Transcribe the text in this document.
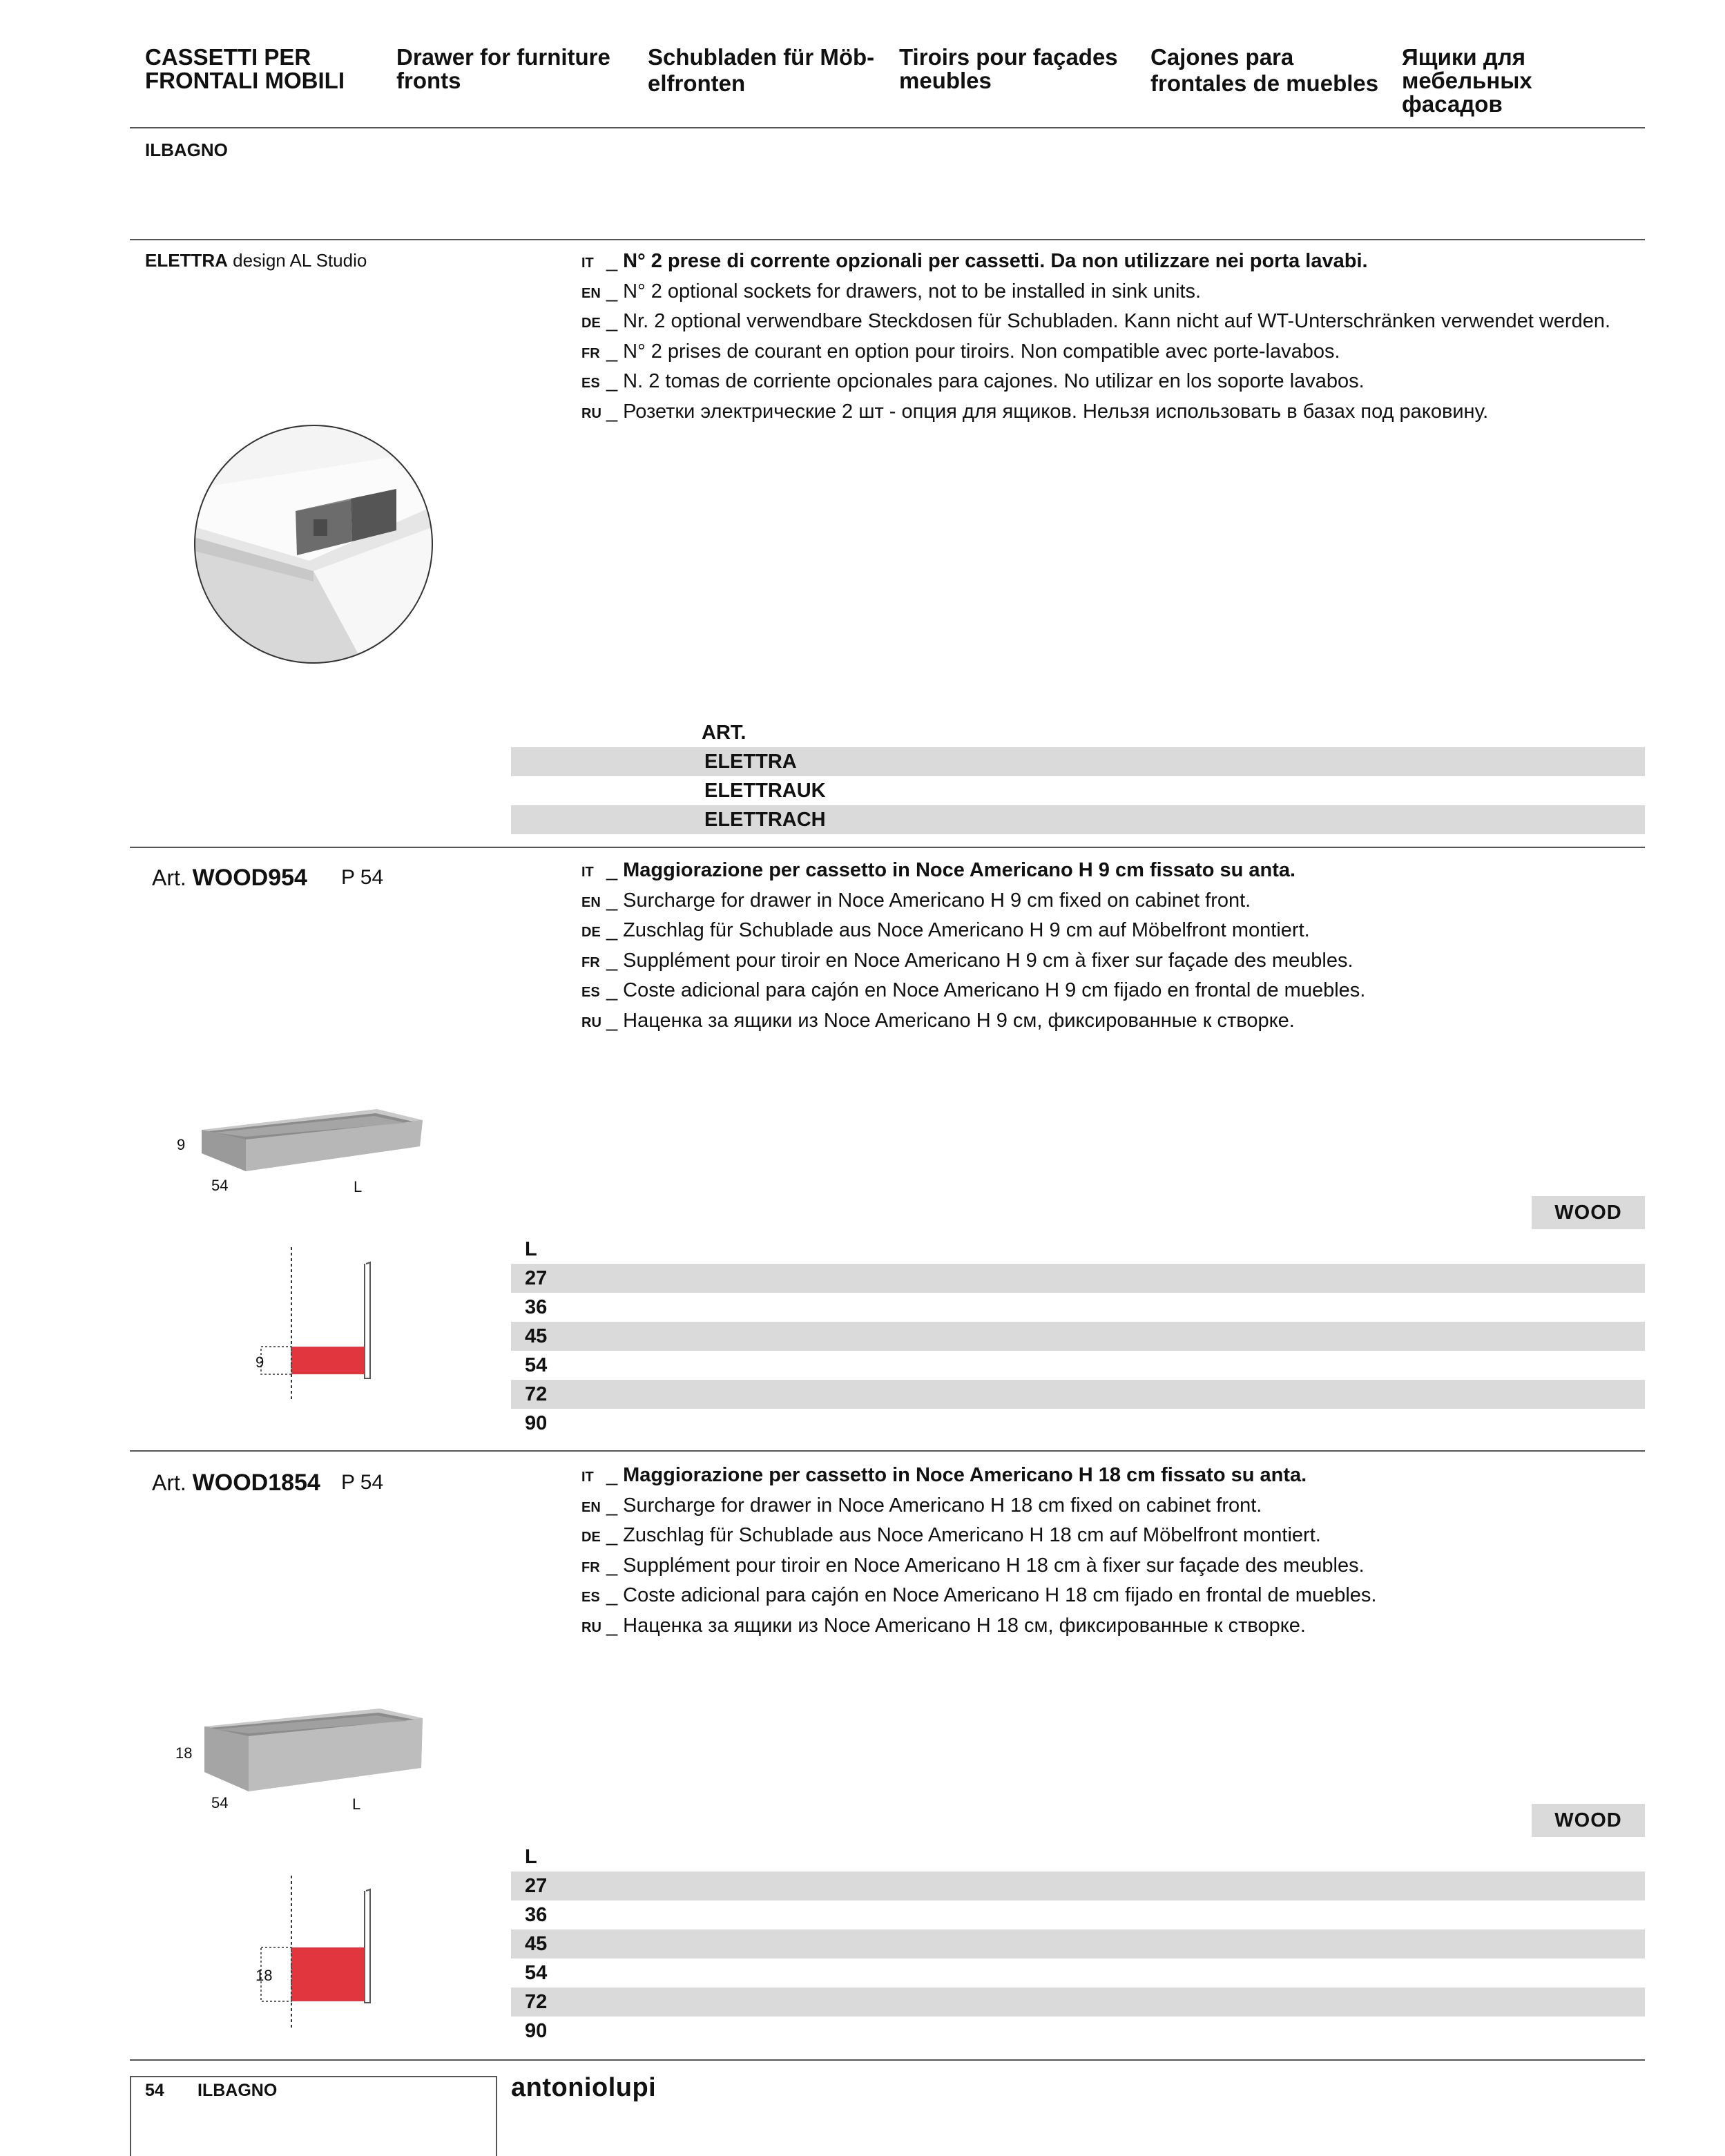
CASSETTI PER
FRONTALI MOBILI
Drawer for furniture
fronts
Schubladen für Möb-
elfronten
Tiroirs pour façades
meubles
Cajones para
frontales de muebles
Ящики для
мебельных
фасадов
ILBAGNO
ELETTRA design AL Studio	IT _ N° 2 prese di corrente opzionali per cassetti. Da non utilizzare nei porta lavabi.
EN _ N° 2 optional sockets for drawers, not to be installed in sink units.
DE _ Nr. 2 optional verwendbare Steckdosen für Schubladen. Kann nicht auf WT-Unterschränken verwendet werden.
FR _ N° 2 prises de courant en option pour tiroirs. Non compatible avec porte-lavabos.
ES _ N. 2 tomas de corriente opcionales para cajones. No utilizar en los soporte lavabos.
RU _ Розетки электрические 2 шт - опция для ящиков. Нельзя использовать в базах под раковину.
ART.
ELETTRA
ELETTRAUK
ELETTRACH
Art. WOOD954 P 54	IT _ Maggiorazione per cassetto in Noce Americano H 9 cm fissato su anta.
EN _ Surcharge for drawer in Noce Americano H 9 cm fixed on cabinet front.
DE _ Zuschlag für Schublade aus Noce Americano H 9 cm auf Möbelfront montiert.
FR _ Supplément pour tiroir en Noce Americano H 9 cm à fixer sur façade des meubles.
ES _ Coste adicional para cajón en Noce Americano H 9 cm fijado en frontal de muebles.
RU _ Наценка за ящики из Noce Americano H 9 см, фиксированные к створке.
9
54	L
9
WOOD
L
27
36
45
54
72
90
Art. WOOD1854 P 54	IT _ Maggiorazione per cassetto in Noce Americano H 18 cm fissato su anta.
EN _ Surcharge for drawer in Noce Americano H 18 cm fixed on cabinet front.
DE _ Zuschlag für Schublade aus Noce Americano H 18 cm auf Möbelfront montiert.
FR _ Supplément pour tiroir en Noce Americano H 18 cm à fixer sur façade des meubles.
ES _ Coste adicional para cajón en Noce Americano H 18 cm fijado en frontal de muebles.
RU _ Наценка за ящики из Noce Americano H 18 см, фиксированные к створке.
18
54	L
18
WOOD
L
27
36
45
54
72
90
54 ILBAGNO	antoniolupi
